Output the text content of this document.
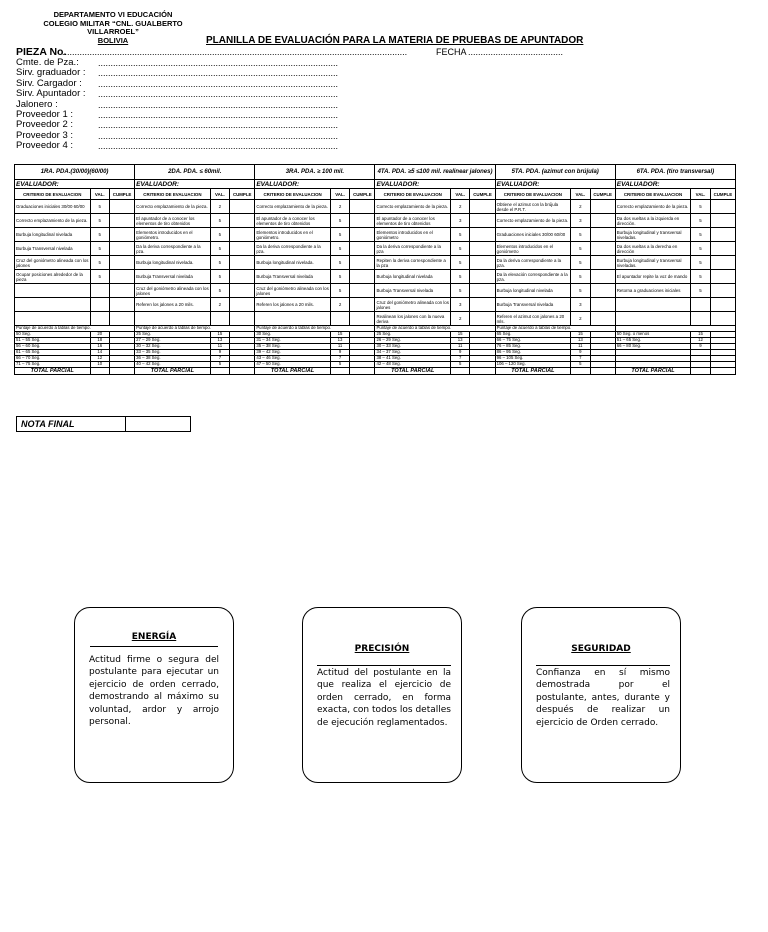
DEPARTAMENTO VI EDUCACIÓN
COLEGIO MILITAR “CNL. GUALBERTO VILLARROEL”
BOLIVIA	PLANILLA DE EVALUACIÓN PARA LA MATERIA DE PRUEBAS DE APUNTADOR
PIEZA No.
..........................................................................................................................................	FECHA ......................................
Cmte. de Pza.: ................................................................................................
Sirv. graduador : ................................................................................................
Sirv. Cargador : ................................................................................................
Sirv. Apuntador : ................................................................................................
Jalonero :	................................................................................................
Proveedor 1 :	................................................................................................
Proveedor 2 :	................................................................................................
Proveedor 3 :	................................................................................................
Proveedor 4 :	................................................................................................
1RA. PDA.(30/00)(60/00)			2DA. PDA. ≤ 60mil.			3RA. PDA. ≥ 100 mil.			4TA. PDA. ≥5 ≤100 mil. realinear jalones)			5TA. PDA. (azimut con brújula)			6TA. PDA. (tiro transversal)		
EVALUADOR:			EVALUADOR:			EVALUADOR:			EVALUADOR:			EVALUADOR:			EVALUADOR:		
CRITERIO DE EVALUACION	VAL.	CUMPLE	CRITERIO DE EVALUACION	VAL.	CUMPLE	CRITERIO DE EVALUACION	VAL.	CUMPLE	CRITERIO DE EVALUACION	VAL.	CUMPLE	CRITERIO DE EVALUACION	VAL.	CUMPLE	CRITERIO DE EVALUACION	VAL.	CUMPLE
Graduaciones iniciales 30/00 60/00	5		Correcto emplazamiento de la pieza.	2		Correcto emplazamiento de la pieza.	2		Correcto emplazamiento de la pieza.	2		Obtiene el azimut con la brújula desde el P.R.T.	2		Correcto emplazamiento de la pieza.	5	
Correcto emplazamiento de la pieza.	5		El apuntador de a conocer los elementos de tiro obtenidos	5		El apuntador de a conocer los elementos de tiro obtenidos	5		El apuntador de a conocer los elementos de tiro obtenidos	3		Correcto emplazamiento de la pieza.	3		Da dos vueltas a la izquierda en dirección.	5	
Burbuja longitudinal nivelada	5		Elementos introducidos en el goniómetro.	5		Elementos introducidos en el goniómetro.	5		Elementos introducidos en el goniómetro	5		Graduaciones iniciales 30/00 60/00	5		Burbuja longitudinal y transversal niveladas.	5	
Burbuja Transversal nivelada	5		Da la deriva correspondiente a la pza.	5		Da la deriva correspondiente a la pza.	5		Da la deriva correspondiente a la pza	5		Elementos introducidos en el goniómetro	5		Da dos vueltas a la derecha en dirección	5	
Cruz del goniómetro alineada con los jalones	5		Burbuja longitudinal nivelada.	5		Burbuja longitudinal nivelada.	5		Repiten la deriva correspondiente a la pza	5		Da la deriva correspondiente a la pza.	5		Burbuja longitudinal y transversal niveladas.	5	
Ocupar posiciones alrededor de la pieza	5		Burbuja Transversal nivelada	5		Burbuja Transversal nivelada	5		Burbuja longitudinal nivelada	5		Da la elevación correspondiente a la pza.	5		El apuntador repite la voz de mando	5	
			Cruz del goniómetro alineada con los jalones	5		Cruz del goniómetro alineada con los jalones	5		Burbuja Transversal nivelada	5		Burbuja longitudinal nivelada	5		Retorna a graduaciones iniciales	5	
			Referen los jalones a 20 mils.	2		Referen los jalones a 20 mils.	2		Cruz del goniómetro alineada con los jalones	3		Burbuja Transversal nivelada	3				
									Realinean los jalones con la nueva deriva	2		Referen el azimut con jalones a 20 mls.	2				
Puntaje de acuerdo a tablas de tiempo.			Puntaje de acuerdo a tablas de tiempo.			Puntaje de acuerdo a tablas de tiempo.			Puntaje de acuerdo a tablas de tiempo.			Puntaje de acuerdo a tablas de tiempo.					
50 Seg.	20		25 Seg.	15		30 Seg.	15		25 Seg.	15		65 Seg.	15		50 Seg. o menos	15	
51 – 55 Seg.	18		27 – 29 Seg.	13		31 – 34 Seg.	13		26 – 29 Seg.	13		66 – 75 Seg.	13		51 – 65 Seg.	12	
56 – 60 Seg.	16		30 – 32 Seg.	11		35 – 38 Seg.	11		30 – 33 Seg.	11		76 – 85 Seg.	11		66 – 80 Seg.	9	
61 – 65 Seg.	14		33 – 35 Seg.	9		39 – 42 Seg.	9		34 – 37 Seg.	9		86 – 95 Seg.	9				
66 – 70 Seg.	12		36 – 38 Seg.	7		43 – 46 Seg.	7		38 – 41 Seg.	7		96 – 105 Seg.	7				
71 – 75 Seg.	10		40 – 42 Seg.	5		47 – 50 Seg.	5		42 – 48 Seg.	5		106 – 120 Seg.	5				
TOTAL PARCIAL			TOTAL PARCIAL			TOTAL PARCIAL			TOTAL PARCIAL			TOTAL PARCIAL			TOTAL PARCIAL		
NOTA FINAL	
ENERGÍA
Actitud firme o segura del postulante para ejecutar un ejercicio de orden cerrado, demostrando al máximo su voluntad, ardor y arrojo personal.
PRECISIÓN
Actitud del postulante en la que realiza el ejercicio de orden cerrado, en forma exacta, con todos los detalles de ejecución reglamentados.
SEGURIDAD
Confianza en sí mismo demostrada por el postulante, antes, durante y después de realizar un ejercicio de Orden cerrado.
